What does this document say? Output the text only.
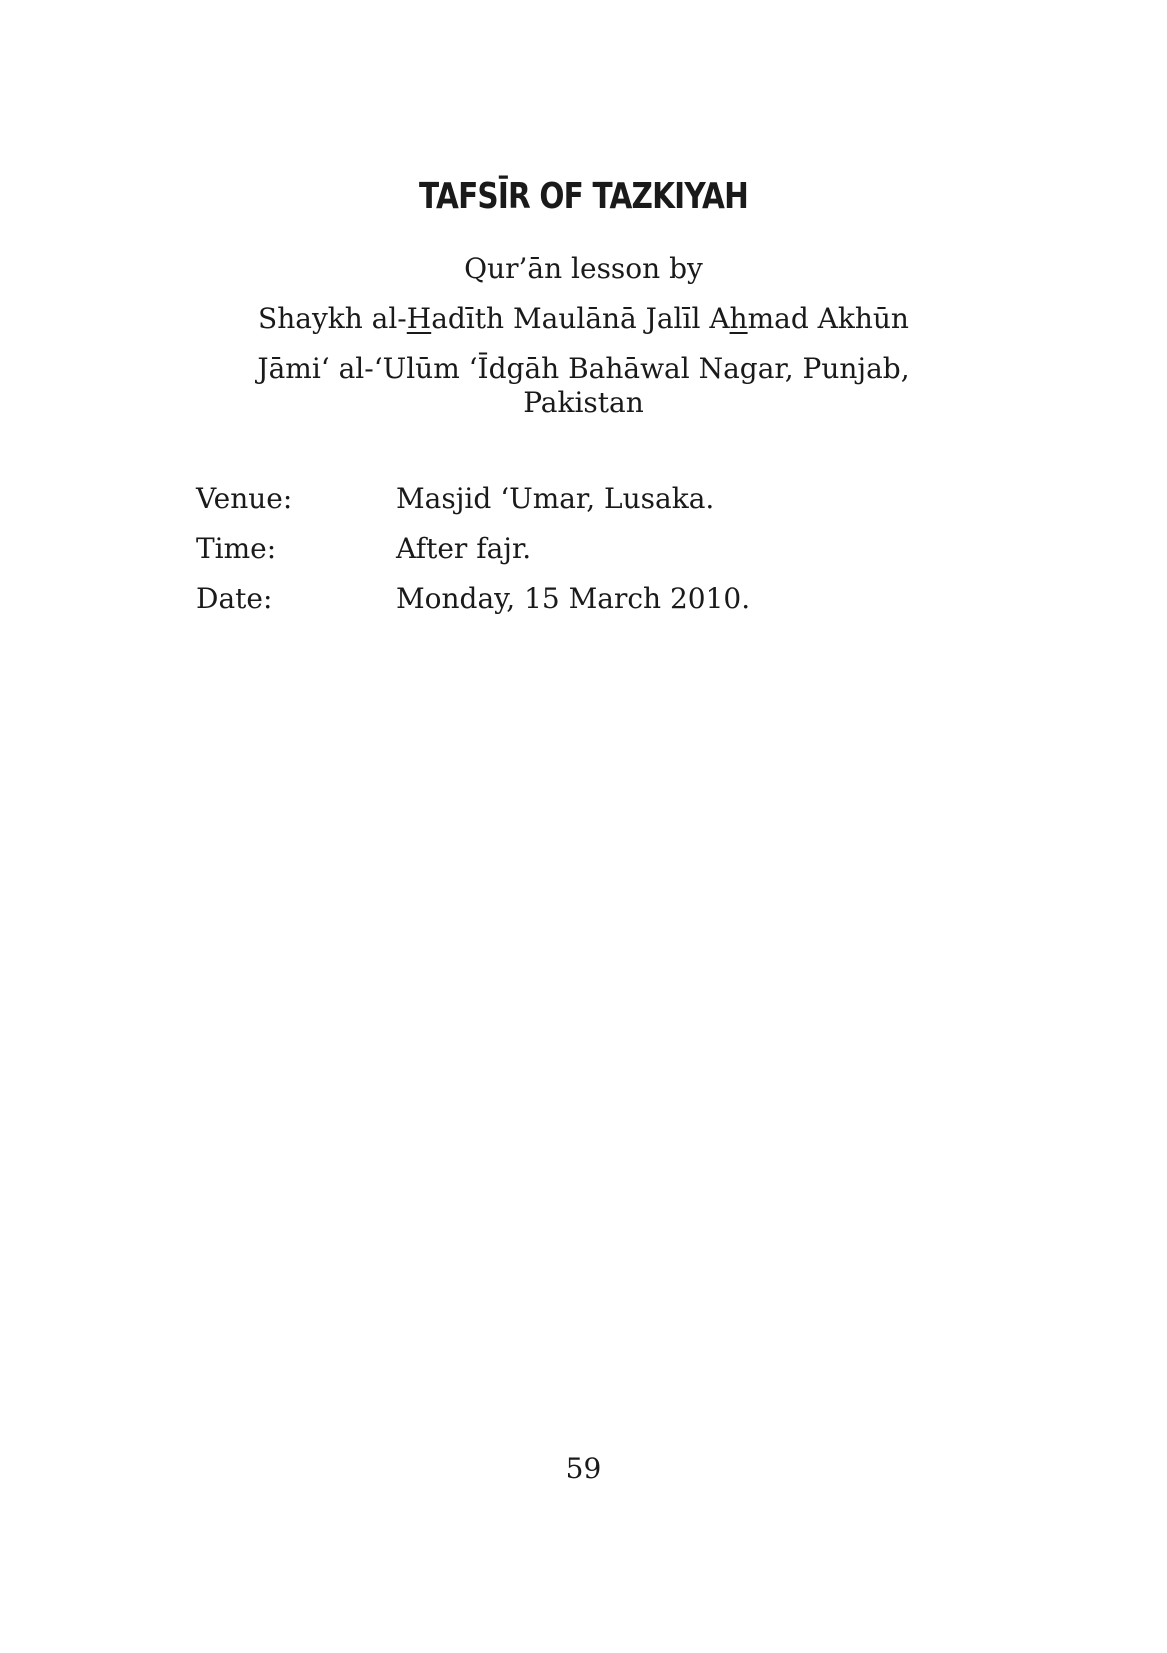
TAFSĪR OF TAZKIYAH

Qur’ān lesson by

Shaykh al-Hadīth Maulānā Jalīl Ahmad Akhūn

Jāmi‘ al-‘Ulūm ‘Īdgāh Bahāwal Nagar, Punjab,
Pakistan

Venue:	Masjid ‘Umar, Lusaka.
Time:	After fajr.
Date:	Monday, 15 March 2010.
59
